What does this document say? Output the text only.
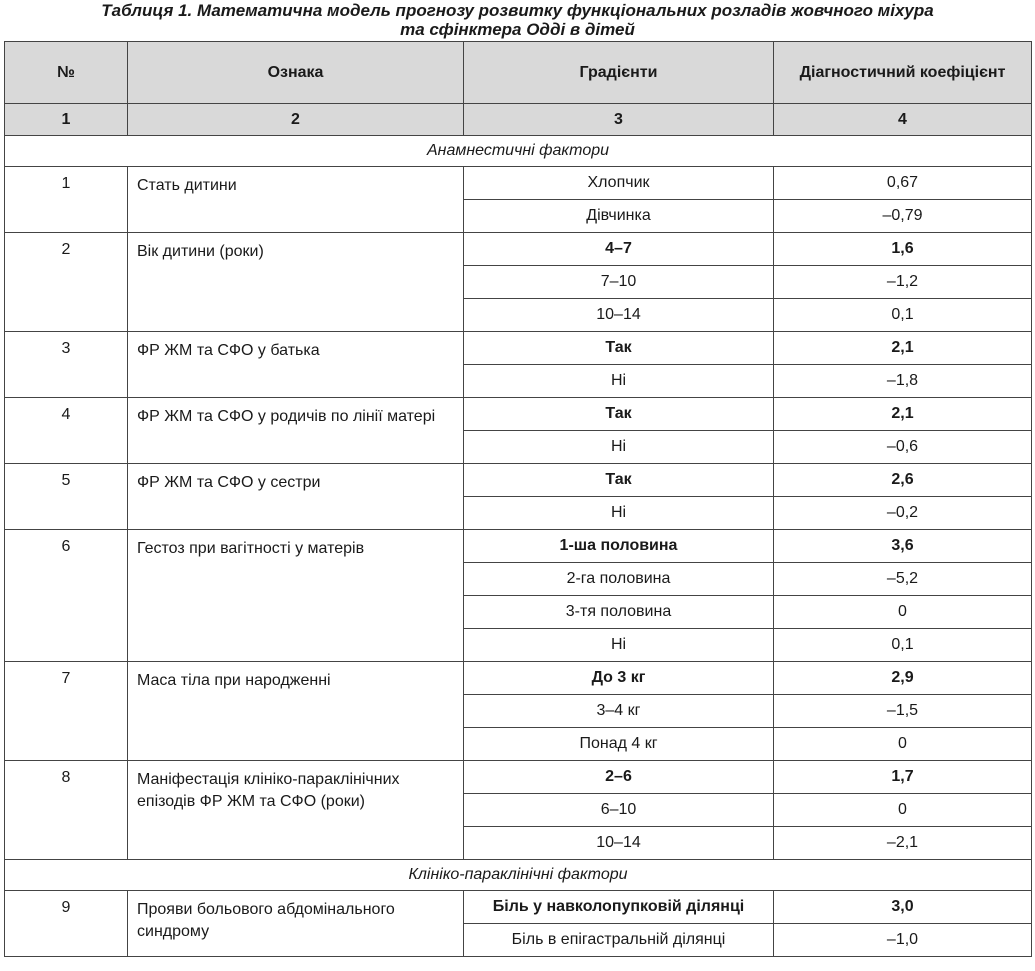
Таблиця 1. Математична модель прогнозу розвитку функціональних розладів жовчного міхура
та сфінктера Одді в дітей
№	Ознака	Градієнти	Діагностичний коефіцієнт
1	2	3	4
Анамнестичні фактори			
1	Стать дитини	Хлопчик	0,67
		Дівчинка	–0,79
2	Вік дитини (роки)	4–7	1,6
		7–10	–1,2
		10–14	0,1
3	ФР ЖМ та СФО у батька	Так	2,1
		Ні	–1,8
4	ФР ЖМ та СФО у родичів по лінії матері	Так	2,1
		Ні	–0,6
5	ФР ЖМ та СФО у сестри	Так	2,6
		Ні	–0,2
6	Гестоз при вагітності у матерів	1-ша половина	3,6
		2-га половина	–5,2
		3-тя половина	0
		Ні	0,1
7	Маса тіла при народженні	До 3 кг	2,9
		3–4 кг	–1,5
		Понад 4 кг	0
8	Маніфестація клініко-параклінічних епізодів ФР ЖМ та СФО (роки)	2–6	1,7
		6–10	0
		10–14	–2,1
Клініко-параклінічні фактори			
9	Прояви больового абдомінального синдрому	Біль у навколопупковій ділянці	3,0
		Біль в епігастральній ділянці	–1,0
